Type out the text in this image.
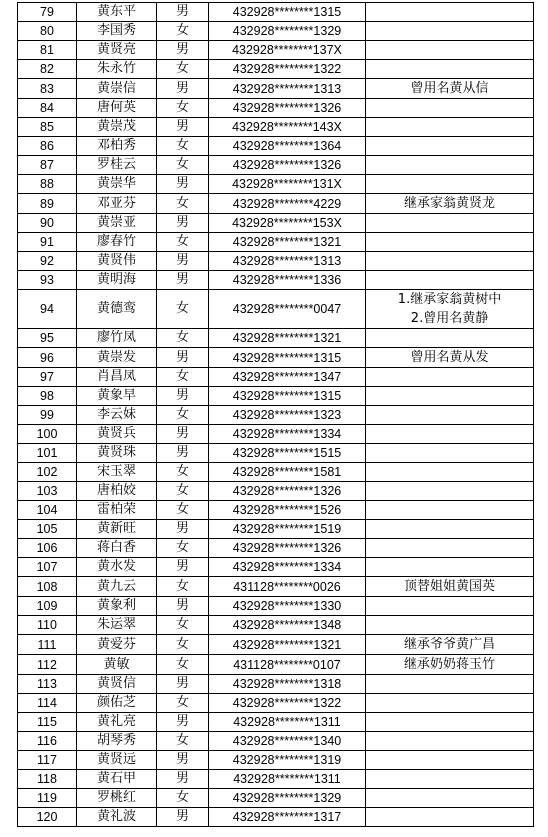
79	黄东平	男	432928********1315	
80	李国秀	女	432928********1329	
81	黄贤亮	男	432928********137X	
82	朱永竹	女	432928********1322	
83	黄崇信	男	432928********1313	曾用名黄从信

84	唐何英	女	432928********1326	
85	黄崇茂	男	432928********143X	
86	邓柏秀	女	432928********1364	
87	罗桂云	女	432928********1326	
88	黄崇华	男	432928********131X	
89	邓亚芬	女	432928********4229	继承家翁黄贤龙

90	黄崇亚	男	432928********153X	
91	廖春竹	女	432928********1321	
92	黄贤伟	男	432928********1313	
93	黄明海	男	432928********1336	
94	黄德鸾	女	432928********0047	1.继承家翁黄树中
2.曾用名黄静

95	廖竹凤	女	432928********1321	
96	黄崇发	男	432928********1315	曾用名黄从发

97	肖昌凤	女	432928********1347	
98	黄象早	男	432928********1315	
99	李云妹	女	432928********1323	
100	黄贤兵	男	432928********1334	
101	黄贤珠	男	432928********1515	
102	宋玉翠	女	432928********1581	
103	唐柏姣	女	432928********1326	
104	雷柏荣	女	432928********1526	
105	黄新旺	男	432928********1519	
106	蒋白香	女	432928********1326	
107	黄水发	男	432928********1334	
108	黄九云	女	431128********0026	顶替姐姐黄国英

109	黄象利	男	432928********1330	
110	朱运翠	女	432928********1348	
111	黄爱芬	女	432928********1321	继承爷爷黄广昌

112	黄敏	女	431128********0107	继承奶奶蒋玉竹

113	黄贤信	男	432928********1318	
114	颜佑芝	女	432928********1322	
115	黄礼亮	男	432928********1311	
116	胡琴秀	女	432928********1340	
117	黄贤远	男	432928********1319	
118	黄石甲	男	432928********1311	
119	罗桃红	女	432928********1329	
120	黄礼波	男	432928********1317	
